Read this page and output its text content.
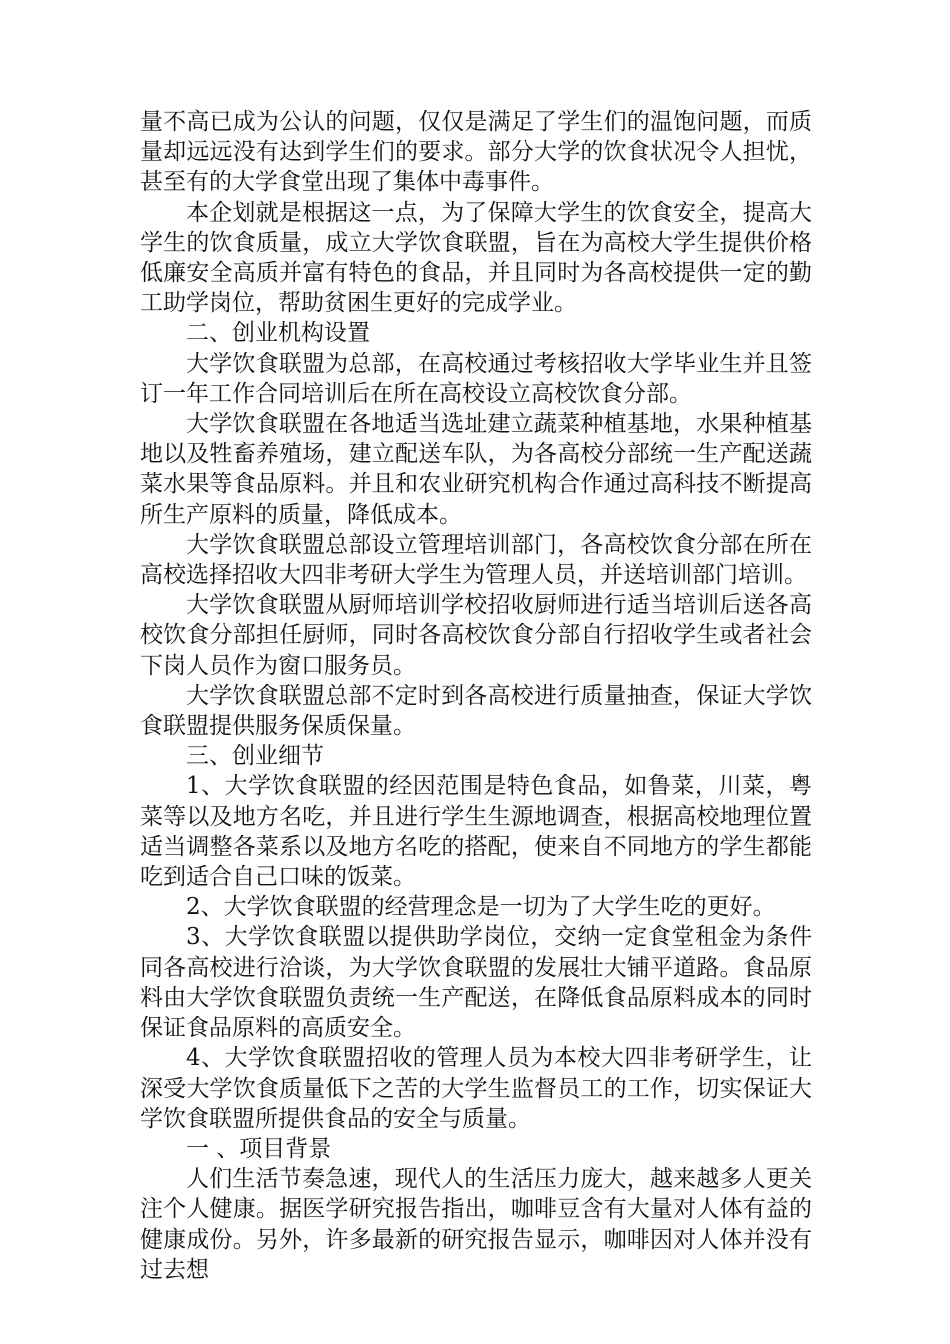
量不高已成为公认的问题，仅仅是满足了学生们的温饱问题，而质量却远远没有达到学生们的要求。部分大学的饮食状况令人担忧，甚至有的大学食堂出现了集体中毒事件。

本企划就是根据这一点，为了保障大学生的饮食安全，提高大学生的饮食质量，成立大学饮食联盟，旨在为高校大学生提供价格低廉安全高质并富有特色的食品，并且同时为各高校提供一定的勤工助学岗位，帮助贫困生更好的完成学业。

二、创业机构设置

大学饮食联盟为总部，在高校通过考核招收大学毕业生并且签订一年工作合同培训后在所在高校设立高校饮食分部。

大学饮食联盟在各地适当选址建立蔬菜种植基地，水果种植基地以及牲畜养殖场，建立配送车队，为各高校分部统一生产配送蔬菜水果等食品原料。并且和农业研究机构合作通过高科技不断提高所生产原料的质量，降低成本。

大学饮食联盟总部设立管理培训部门，各高校饮食分部在所在高校选择招收大四非考研大学生为管理人员，并送培训部门培训。

大学饮食联盟从厨师培训学校招收厨师进行适当培训后送各高校饮食分部担任厨师，同时各高校饮食分部自行招收学生或者社会下岗人员作为窗口服务员。

大学饮食联盟总部不定时到各高校进行质量抽查，保证大学饮食联盟提供服务保质保量。

三、创业细节

1、大学饮食联盟的经因范围是特色食品，如鲁菜，川菜，粤菜等以及地方名吃，并且进行学生生源地调查，根据高校地理位置适当调整各菜系以及地方名吃的搭配，使来自不同地方的学生都能吃到适合自己口味的饭菜。

2、大学饮食联盟的经营理念是一切为了大学生吃的更好。

3、大学饮食联盟以提供助学岗位，交纳一定食堂租金为条件同各高校进行洽谈，为大学饮食联盟的发展壮大铺平道路。食品原料由大学饮食联盟负责统一生产配送，在降低食品原料成本的同时保证食品原料的高质安全。

4、大学饮食联盟招收的管理人员为本校大四非考研学生，让深受大学饮食质量低下之苦的大学生监督员工的工作，切实保证大学饮食联盟所提供食品的安全与质量。

一 、项目背景

人们生活节奏急速，现代人的生活压力庞大，越来越多人更关注个人健康。据医学研究报告指出，咖啡豆含有大量对人体有益的健康成份。另外，许多最新的研究报告显示，咖啡因对人体并没有过去想
